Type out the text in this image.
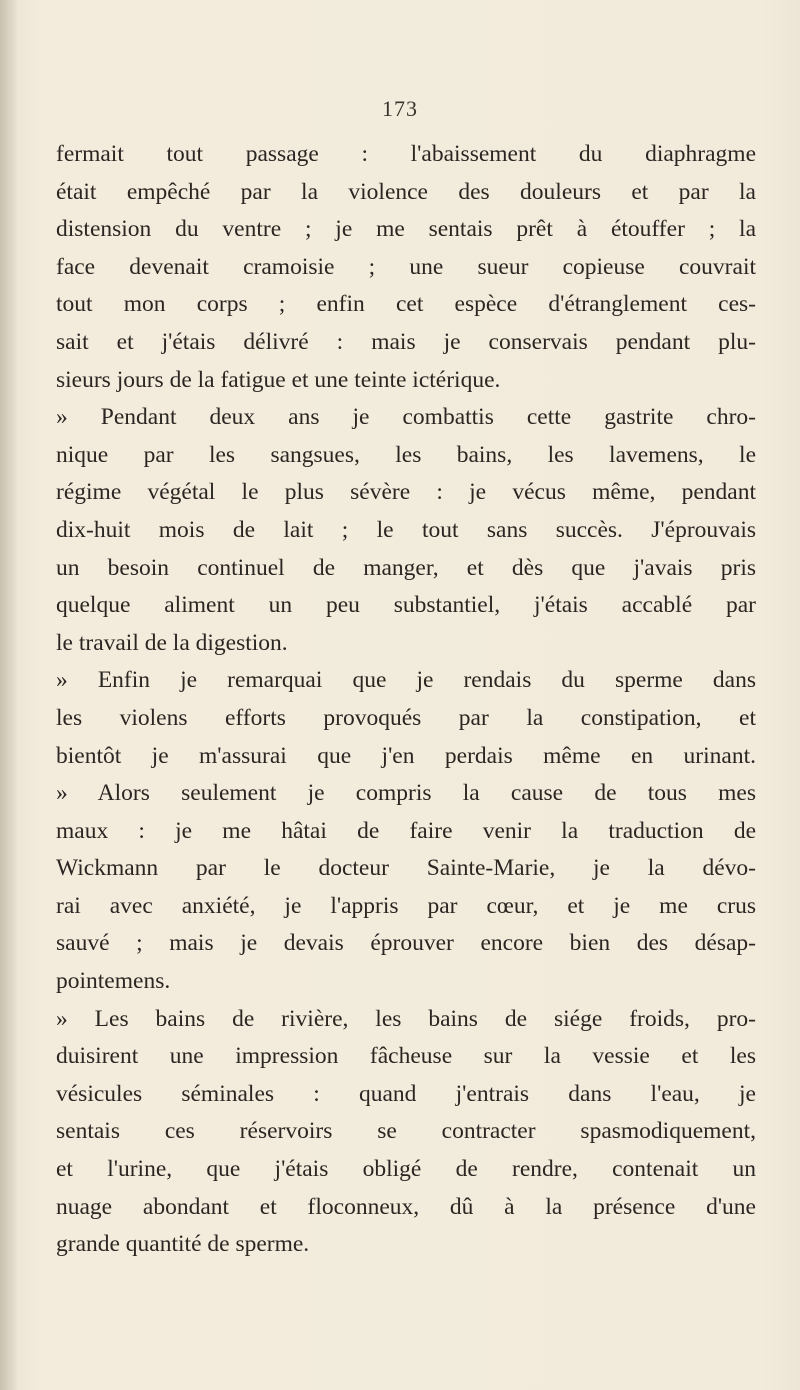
173
fermait tout passage : l'abaissement du diaphragme
était empêché par la violence des douleurs et par la
distension du ventre ; je me sentais prêt à étouffer ; la
face devenait cramoisie ; une sueur copieuse couvrait
tout mon corps ; enfin cet espèce d'étranglement ces-
sait et j'étais délivré : mais je conservais pendant plu-
sieurs jours de la fatigue et une teinte ictérique.
» Pendant deux ans je combattis cette gastrite chro-
nique par les sangsues, les bains, les lavemens, le
régime végétal le plus sévère : je vécus même, pendant
dix-huit mois de lait ; le tout sans succès. J'éprouvais
un besoin continuel de manger, et dès que j'avais pris
quelque aliment un peu substantiel, j'étais accablé par
le travail de la digestion.
» Enfin je remarquai que je rendais du sperme dans
les violens efforts provoqués par la constipation, et
bientôt je m'assurai que j'en perdais même en urinant.
» Alors seulement je compris la cause de tous mes
maux : je me hâtai de faire venir la traduction de
Wickmann par le docteur Sainte-Marie, je la dévo-
rai avec anxiété, je l'appris par cœur, et je me crus
sauvé ; mais je devais éprouver encore bien des désap-
pointemens.
» Les bains de rivière, les bains de siége froids, pro-
duisirent une impression fâcheuse sur la vessie et les
vésicules séminales : quand j'entrais dans l'eau, je
sentais ces réservoirs se contracter spasmodiquement,
et l'urine, que j'étais obligé de rendre, contenait un
nuage abondant et floconneux, dû à la présence d'une
grande quantité de sperme.
